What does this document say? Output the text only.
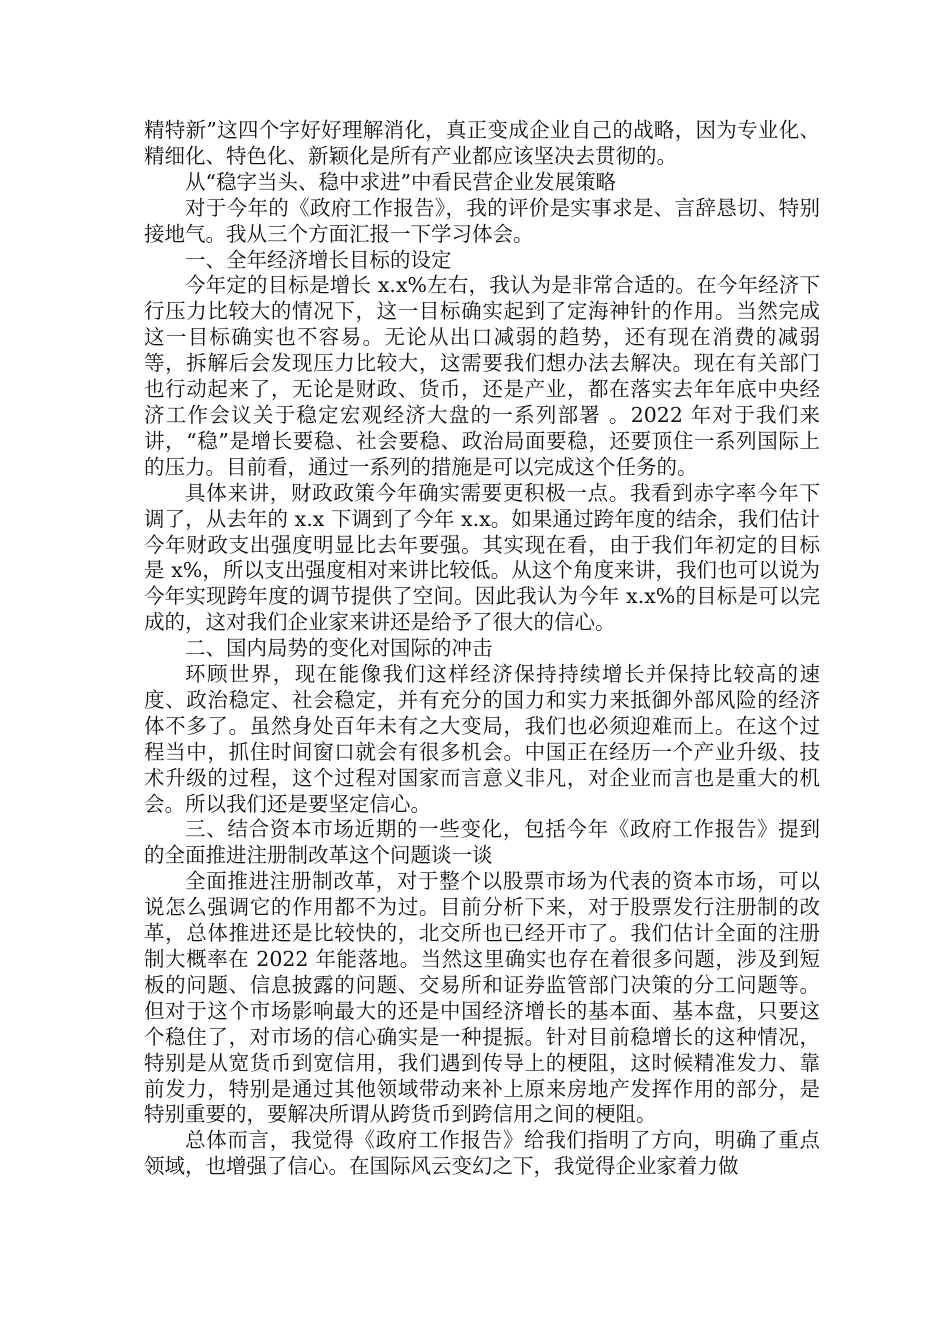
精特新”这四个字好好理解消化，真正变成企业自己的战略，因为专业化、精细化、特色化、新颖化是所有产业都应该坚决去贯彻的。

从“稳字当头、稳中求进”中看民营企业发展策略

对于今年的《政府工作报告》，我的评价是实事求是、言辞恳切、特别接地气。我从三个方面汇报一下学习体会。

一、全年经济增长目标的设定

今年定的目标是增长 x.x%左右，我认为是非常合适的。在今年经济下行压力比较大的情况下，这一目标确实起到了定海神针的作用。当然完成这一目标确实也不容易。无论从出口减弱的趋势，还有现在消费的减弱等，拆解后会发现压力比较大，这需要我们想办法去解决。现在有关部门也行动起来了，无论是财政、货币，还是产业，都在落实去年年底中央经济工作会议关于稳定宏观经济大盘的一系列部署 。2022 年对于我们来讲，“稳”是增长要稳、社会要稳、政治局面要稳，还要顶住一系列国际上的压力。目前看，通过一系列的措施是可以完成这个任务的。

具体来讲，财政政策今年确实需要更积极一点。我看到赤字率今年下调了，从去年的 x.x 下调到了今年 x.x。如果通过跨年度的结余，我们估计今年财政支出强度明显比去年要强。其实现在看，由于我们年初定的目标是 x%，所以支出强度相对来讲比较低。从这个角度来讲，我们也可以说为今年实现跨年度的调节提供了空间。因此我认为今年 x.x%的目标是可以完成的，这对我们企业家来讲还是给予了很大的信心。

二、国内局势的变化对国际的冲击

环顾世界，现在能像我们这样经济保持持续增长并保持比较高的速度、政治稳定、社会稳定，并有充分的国力和实力来抵御外部风险的经济体不多了。虽然身处百年未有之大变局，我们也必须迎难而上。在这个过程当中，抓住时间窗口就会有很多机会。中国正在经历一个产业升级、技术升级的过程，这个过程对国家而言意义非凡，对企业而言也是重大的机会。所以我们还是要坚定信心。

三、结合资本市场近期的一些变化，包括今年《政府工作报告》提到的全面推进注册制改革这个问题谈一谈

全面推进注册制改革，对于整个以股票市场为代表的资本市场，可以说怎么强调它的作用都不为过。目前分析下来，对于股票发行注册制的改革，总体推进还是比较快的，北交所也已经开市了。我们估计全面的注册制大概率在 2022 年能落地。当然这里确实也存在着很多问题，涉及到短板的问题、信息披露的问题、交易所和证券监管部门决策的分工问题等。但对于这个市场影响最大的还是中国经济增长的基本面、基本盘，只要这个稳住了，对市场的信心确实是一种提振。针对目前稳增长的这种情况，特别是从宽货币到宽信用，我们遇到传导上的梗阻，这时候精准发力、靠前发力，特别是通过其他领域带动来补上原来房地产发挥作用的部分，是特别重要的，要解决所谓从跨货币到跨信用之间的梗阻。

总体而言，我觉得《政府工作报告》给我们指明了方向，明确了重点领域，也增强了信心。在国际风云变幻之下，我觉得企业家着力做
